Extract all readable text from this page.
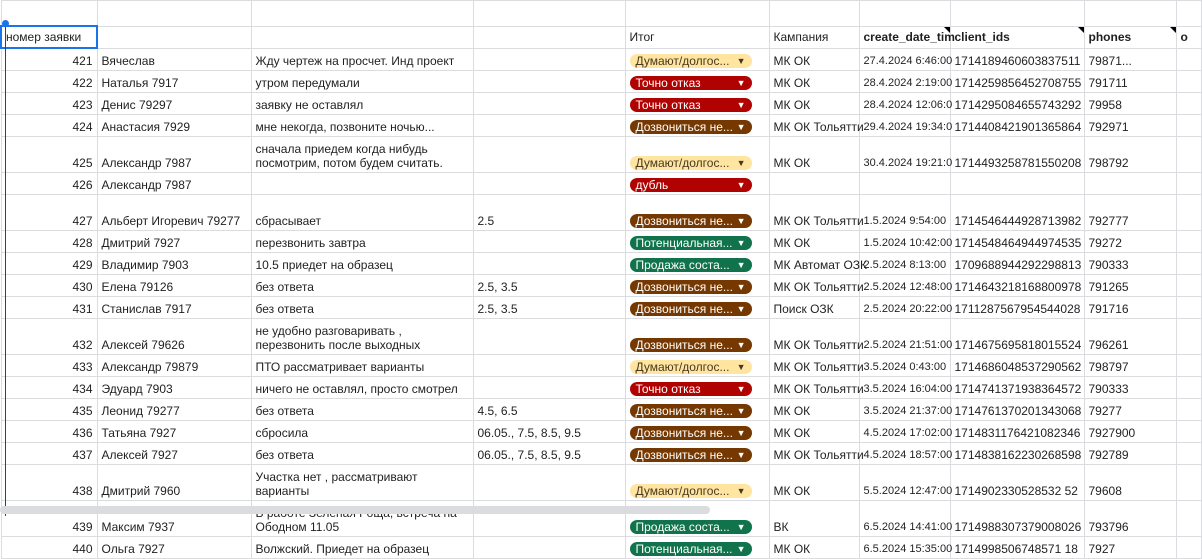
номер заявки				Итог	Кампания	create_date_tim	client_ids	phones	o
421	Вячеслав	Жду чертеж на просчет. Инд проект		Думают/долгос... ▼	МК ОК	27.4.2024 6:46:00	1714189460603837511	79871...	
422	Наталья 7917	утром передумали		Точно отказ ▼	МК ОК	28.4.2024 2:19:00	1714259856452708755	791711	
423	Денис 79297	заявку не оставлял		Точно отказ ▼	МК ОК	28.4.2024 12:06:0	1714295084655743292	79958	
424	Анастасия 7929	мне некогда, позвоните ночью...		Дозвониться не... ▼	МК ОК Тольятти	29.4.2024 19:34:0	1714408421901365864	792971	
425	Александр 7987	сначала приедем когда нибудь посмотрим, потом будем считать.		Думают/долгос... ▼	МК ОК	30.4.2024 19:21:0	1714493258781550208	798792	
426	Александр 7987			дубль ▼					

427	Альберт Игоревич 79277	сбрасывает	2.5	Дозвониться не... ▼	МК ОК Тольятти	1.5.2024 9:54:00	1714546444928713982	792777	
428	Дмитрий 7927	перезвонить завтра		Потенциальная... ▼	МК ОК	1.5.2024 10:42:00	1714548464944974535	79272	
429	Владимир 7903	10.5 приедет на образец		Продажа соста... ▼	МК Автомат ОЗК	2.5.2024 8:13:00	1709688944292298813	790333	
430	Елена 79126	без ответа	2.5, 3.5	Дозвониться не... ▼	МК ОК Тольятти	2.5.2024 12:48:00	1714643218168800978	791265	
431	Станислав 7917	без ответа	2.5, 3.5	Дозвониться не... ▼	Поиск ОЗК	2.5.2024 20:22:00	1711287567954544028	791716	
432	Алексей 79626	не удобно разговаривать , перезвонить после выходных		Дозвониться не... ▼	МК ОК Тольятти	2.5.2024 21:51:00	1714675695818015524	796261	
433	Александр 79879	ПТО рассматривает варианты		Думают/долгос... ▼	МК ОК Тольятти	3.5.2024 0:43:00	1714686048537290562	798797	
434	Эдуард 7903	ничего не оставлял, просто смотрел		Точно отказ ▼	МК ОК Тольятти	3.5.2024 16:04:00	1714741371938364572	790333	
435	Леонид 79277	без ответа	4.5, 6.5	Дозвониться не... ▼	МК ОК	3.5.2024 21:37:00	1714761370201343068	79277	
436	Татьяна 7927	сбросила	06.05., 7.5, 8.5, 9.5	Дозвониться не... ▼	МК ОК	4.5.2024 17:02:00	1714831176421082346	7927900	
437	Алексей 7927	без ответа	06.05., 7.5, 8.5, 9.5	Дозвониться не... ▼	МК ОК Тольятти	4.5.2024 18:57:00	1714838162230268598	792789	
438	Дмитрий 7960	Участка нет , рассматривают варианты		Думают/долгос... ▼	МК ОК	5.5.2024 12:47:00	1714902330528532 52	79608	
439	Максим 7937	Ободном 11.05		Продажа соста... ▼	ВК	6.5.2024 14:41:00	1714988307379008026	793796	
440	Ольга 7927	Волжский. Приедет на образец		Потенциальная... ▼	МК ОК	6.5.2024 15:35:00	1714998506748571 18	7927	
